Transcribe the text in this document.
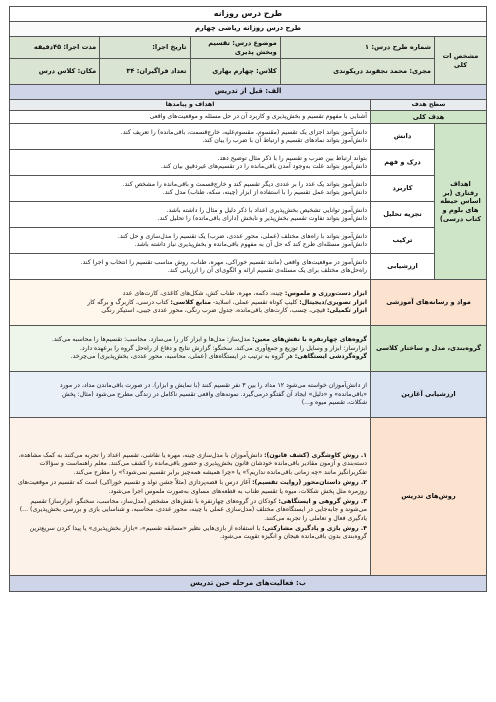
طرح درس روزانه
طرح درس روزانه ریاضی چهارم					
مشخص ات کلی	شماره طرح درس: ۱		موضوع درس: تقسیم وبخش پذیری	تاریخ اجرا:	مدت اجرا: ۴۵دقیقه
	مجری: محمد نجفوند دریکوندی		کلاس: چهارم بهاری	تعداد فراگیران: ۳۴	مکان: کلاس درس
الف: قبل از تدریس					
سطح هدف		اهداف و پیامدها			
هدف کلی		آشنایی با مفهوم تقسیم و بخش‌پذیری و کاربرد آن در حل مسئله و موقعیت‌های واقعی			
اهداف رفتاری (بر اساس حیطه های بلوم و کتاب درسی)	دانش	دانش‌آموز بتواند اجزای یک تقسیم (مقسوم، مقسوم‌علیه، خارج‌قسمت، باقی‌مانده) را تعریف کند.

دانش‌آموز بتواند نمادهای تقسیم و ارتباط آن با ضرب را بیان کند.			

	درک و فهم	بتواند ارتباط بین ضرب و تقسیم را با ذکر مثال توضیح دهد.

دانش‌آموز بتواند علت به‌وجود آمدن باقی‌مانده را در تقسیم‌های غیردقیق بیان کند.			

	کاربرد	دانش‌آموز بتواند یک عدد را بر عددی دیگر تقسیم کند و خارج‌قسمت و باقی‌مانده را مشخص کند.

دانش‌آموز بتواند عمل تقسیم را با استفاده از ابزار (چینه، سکه، طناب) مدل کند.			

	تجزیه تحلیل	دانش‌آموز توانایی تشخیص بخش‌پذیری اعداد با ذکر دلیل و مثال را داشته باشد.

دانش‌آموز بتواند تفاوت تقسیم بخش‌پذیر و نابخش (دارای باقی‌مانده) را تحلیل کند.			

	ترکیب	دانش‌آموز بتواند با راه‌های مختلف (عملی، محور عددی، ضرب) یک تقسیم را مدل‌سازی و حل کند.

دانش‌آموز مسئله‌ای طرح کند که حل آن به مفهوم باقی‌مانده و بخش‌پذیری نیاز داشته باشد.			

	ارزشیابی	دانش‌آموز در موقعیت‌های واقعی (مانند تقسیم خوراکی، مهره، طناب، روش مناسب تقسیم را انتخاب و اجرا کند.

راه‌حل‌های مختلف برای یک مسئله‌ی تقسیم ارائه و الگوی‌ای آن را ارزیابی کند.			

مواد و رسانه‌های آموزشی		ابزار دست‌ورزی و ملموس: چینه، دکمه، مهره، طناب کش، شکل‌های کاغذی، کارت‌های عدد

ابزار تصویری/دیجیتال: کلیپ کوتاه تقسیم عملی، اسلاید- منابع کلاسی: کتاب درسی، کاربرگ و برگه کار

ابزار تکمیلی: قیچی، چسب، کارت‌های باقی‌مانده، جدول ضرب رنگی، محور عددی جیبی، استیکر رنگی			

گروه‌بندی، مدل و ساختار کلاسی		گروه‌های چهارنفره با نقش‌های معین: مدل‌ساز: مدل‌ها و ابزار کار را می‌سازد. محاسب: تقسیم‌ها را محاسبه می‌کند.

ابزارساز: ابزار و وسایل را توزیع و جمع‌آوری می‌کند. سخنگو: گزارش نتایج و دفاع از راه‌حل گروه را برعهده دارد.

گروه‌گردشی ایستگاهی: هر گروه به ترتیب در ایستگاه‌های (عملی، محاسبه، محور عددی، بخش‌پذیری) می‌چرخد.			

ارزشیابی آغازین		از دانش‌آموزان خواسته می‌شود ۱۲ مداد را بین ۳ نفر تقسیم کنند (با نمایش و ابزار). در صورت باقی‌ماندن مداد، در مورد

«باقی‌مانده» و «دلیل» ایجاد آن گفتگو درمی‌گیرد. نمونه‌های واقعی تقسیم ناکامل در زندگی مطرح می‌شود (مثال: پخش

شکلات، تقسیم میوه و...)			

روش‌های تدریس		۱. روش کاوشگری (کشف قانون): دانش‌آموزان با مدل‌سازی چینه، مهره یا نقاشی، تقسیم اعداد را تجربه می‌کنند به کمک مشاهده، دسته‌بندی و آزمون مقادیر باقی‌مانده خودشان قانون بخش‌پذیری و حضور باقی‌مانده را کشف می‌کنند. معلم راهنماست و سؤالات تفکربرانگیز مانند «چه زمانی باقی‌مانده نداریم؟» یا «چرا همیشه همه‌چیز برابر تقسیم نمی‌شود؟» را مطرح می‌کند.

۲. روش داستان‌محور (روایت تقسیم): آغاز درس با قصه‌پردازی (مثلاً جشن تولد و تقسیم خوراکی) است که تقسیم در موقعیت‌های روزمره مثل پخش شکلات، میوه یا تقسیم طناب به قطعه‌های مساوی به‌صورت ملموس اجرا می‌شود.

۳. روش گروهی و ایستگاهی: کودکان در گروه‌های چهارنفره با نقش‌های مشخص (مدل‌ساز، محاسب، سخنگو، ابزارساز) تقسیم می‌شوند و جابه‌جایی در ایستگاه‌های مختلف (مدل‌سازی عملی با چینه، محور عددی، محاسبه، و شناسایی بازی و بررسی بخش‌پذیری) ...) یادگیری فعال و تعاملی را تجربه می‌کنند.

۴. روش بازی و یادگیری مشارکتی: با استفاده از بازی‌هایی نظیر «مسابقه تقسیم»، «بازار بخش‌پذیری» یا پیدا کردن سریع‌ترین گروه‌بندی بدون باقی‌مانده هیجان و انگیزه تقویت می‌شود.			

ب: فعالیت‌های مرحله حین تدریس					
